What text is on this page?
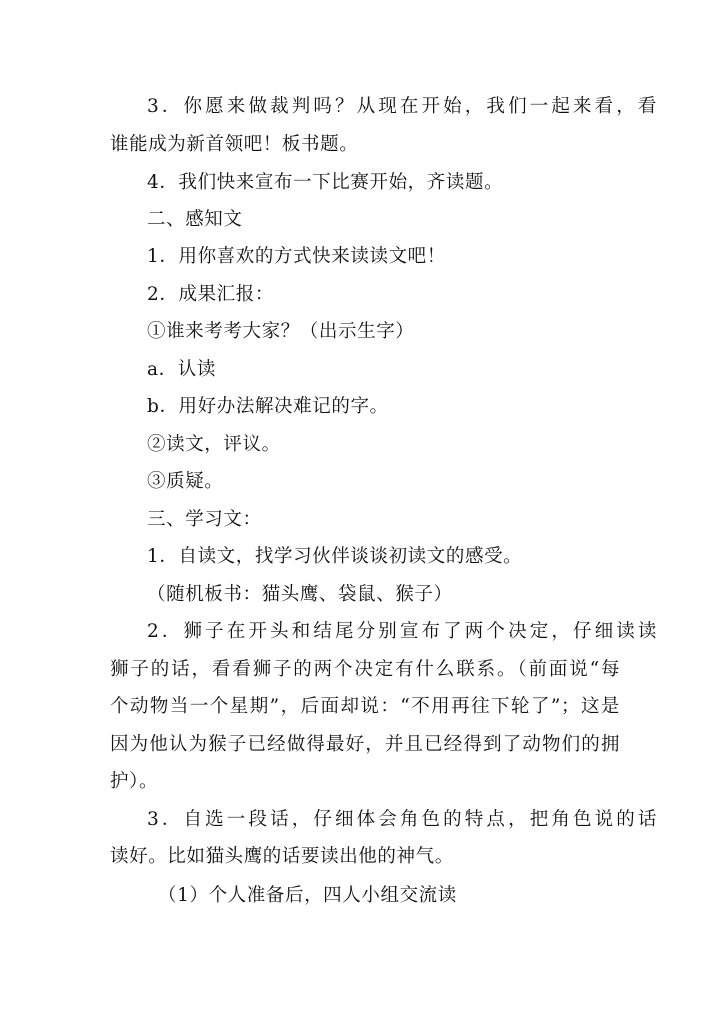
3．你愿来做裁判吗？从现在开始，我们一起来看，看
谁能成为新首领吧！板书题。
4．我们快来宣布一下比赛开始，齐读题。
二、感知文
1．用你喜欢的方式快来读读文吧！
2．成果汇报：
①谁来考考大家？（出示生字）
a．认读
b．用好办法解决难记的字。
②读文，评议。
③质疑。
三、学习文：
1．自读文，找学习伙伴谈谈初读文的感受。
（随机板书：猫头鹰、袋鼠、猴子）
2．狮子在开头和结尾分别宣布了两个决定，仔细读读
狮子的话，看看狮子的两个决定有什么联系。（前面说“每
个动物当一个星期”，后面却说：“不用再往下轮了”；这是
因为他认为猴子已经做得最好，并且已经得到了动物们的拥
护）。
3．自选一段话，仔细体会角色的特点，把角色说的话
读好。比如猫头鹰的话要读出他的神气。
（1）个人准备后，四人小组交流读
